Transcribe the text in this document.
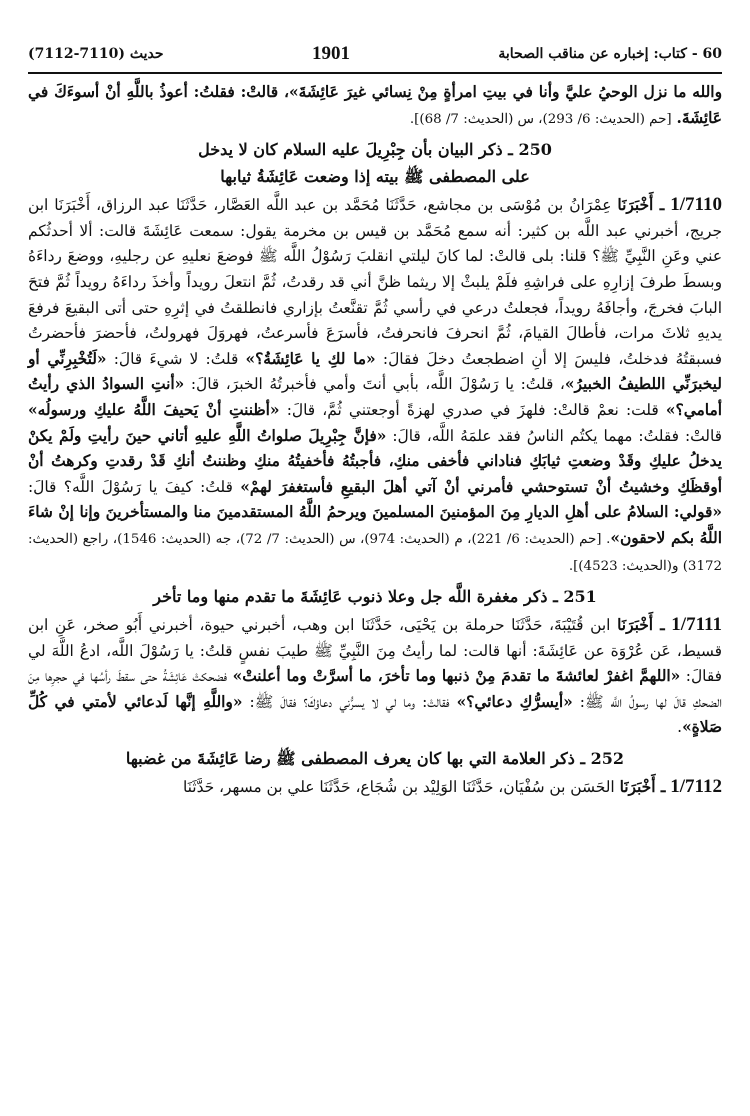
60 - كتاب: إخباره عن مناقب الصحابة
1901
حديث (7110-7112)

والله ما نزل الوحيُ عليَّ وأنا في بيتِ امرأةٍ مِنْ نِسائي غيرَ عَائِشَةَ»، قالتْ: فقلتُ: أعوذُ باللَّهِ أنْ أسوءَكَ في عَائِشَةَ. [حم (الحديث: 6/ 293)، س (الحديث: 7/ 68)].

250 ـ ذكر البيان بأن جِبْرِيلَ عليه السلام كان لا يدخل
على المصطفى ﷺ بيته إذا وضعت عَائِشَةُ ثيابها

1/7110 ـ أَخْبَرَنَا عِمْرَانُ بن مُوْسَى بن مجاشع، حَدَّثَنَا مُحَمَّد بن عبد اللَّه العَصَّار، حَدَّثَنَا عبد الرزاق، أَخْبَرَنَا ابن جريج، أخبرني عبد اللَّه بن كثير: أنه سمع مُحَمَّد بن قيس بن مخرمة يقول: سمعت عَائِشَةَ قالت: ألا أحدثُكم عني وعَنِ النَّبِيِّ ﷺ؟ قلنا: بلى قالتْ: لما كانَ ليلتي انقلبَ رَسُوْلُ اللَّه ﷺ فوضعَ نعليهِ عن رجليهِ، ووضعَ رداءَهُ وبسطَ طرفَ إزارِهِ على فراشِهِ فلَمْ يلبثْ إلا ريثما ظنَّ أني قد رقدتُ، ثُمَّ انتعلَ رويداً وأخذَ رداءَهُ رويداً ثُمَّ فتحَ البابَ فخرجَ، وأجافَهُ رويداً، فجعلتُ درعي في رأسي ثُمَّ تقنَّعتُ بإزاري فانطلقتُ في إثرِهِ حتى أتى البقيعَ فرفعَ يديهِ ثلاثَ مرات، فأطالَ القيامَ، ثُمَّ انحرفَ فانحرفتُ، فأسرَعَ فأسرعتُ، فهروَلَ فهرولتُ، فأحضرَ فأحضرتُ فسبقتُهُ فدخلتُ، فليسَ إلا أنِ اضطجعتُ دخلَ فقالَ: «ما لكِ يا عَائِشَةُ؟» قلتُ: لا شيءَ قالَ: «لَتُخْبِرِنِّي أو ليخبرَنِّي اللطيفُ الخبيرُ»، قلتُ: يا رَسُوْلَ اللَّه، بأبي أنتَ وأمي فأخبرتُهُ الخبرَ، قالَ: «أنتِ السوادُ الذي رأيتُ أمامي؟» قلت: نعمْ قالتْ: فلهزَ في صدري لهزةً أوجعتني ثُمَّ، قالَ: «أظننتِ أنْ يَحيفَ اللَّهُ عليكِ ورسولُه» قالتْ: فقلتُ: مهما يكتُم الناسُ فقد علمَهُ اللَّه، قالَ: «فإنَّ جِبْرِيلَ صلواتُ اللَّهِ عليهِ أتاني حينَ رأيتِ ولَمْ يكنْ يدخلُ عليكِ وقَدْ وضعتِ ثيابَكِ فناداني فأخفى منكِ، فأجبتُهُ فأخفيتُهُ منكِ وظننتُ أنكِ قَدْ رقدتِ وكرهتُ أنْ أوقظَكِ وخشيتُ أنْ تستوحشي فأمرني أنْ آتي أهلَ البقيعِ فأستغفرَ لهمْ» قلتُ: كيفَ يا رَسُوْلَ اللَّه؟ قالَ: «قولي: السلامُ على أهلِ الديارِ مِنَ المؤمنينَ المسلمينَ ويرحمُ اللَّهُ المستقدمينَ منا والمستأخرينَ وإنا إنْ شاءَ اللَّهُ بكم لاحقون». [حم (الحديث: 6/ 221)، م (الحديث: 974)، س (الحديث: 7/ 72)، جه (الحديث: 1546)، راجع (الحديث: 3172) و(الحديث: 4523)].

251 ـ ذكر مغفرة اللَّه جل وعلا ذنوب عَائِشَةَ ما تقدم منها وما تأخر

1/7111 ـ أَخْبَرَنَا ابن قُتَيْبَةَ، حَدَّثَنَا حرملة بن يَحْيَى، حَدَّثَنَا ابن وهب، أخبرني حيوة، أخبرني أَبُو صخر، عَنِ ابن قسيط، عَن عُرْوَة عن عَائِشَةَ: أنها قالت: لما رأيتُ مِنَ النَّبِيِّ ﷺ طيبَ نفسٍ قلتُ: يا رَسُوْلَ اللَّه، ادعُ اللَّهَ لي فقالَ: «اللهمَّ اغفرْ لعائشةَ ما تقدمَ مِنْ ذنبها وما تأخرَ، ما أسرَّتْ وما أعلنتْ» فضحكتْ عَائِشَةُ حتى سقطَ رأسُها في حجرِها مِنَ الضحكِ قالَ لها رسولُ اللَّه ﷺ: «أيسرُّكِ دعائي؟» فقالتْ: وما لي لا يسرُّني دعاؤكَ؟ فقالَ ﷺ: «واللَّهِ إنَّها لَدعائي لأمتي في كُلِّ صَلاةٍ».

252 ـ ذكر العلامة التي بها كان يعرف المصطفى ﷺ رضا عَائِشَةَ من غضبها

1/7112 ـ أَخْبَرَنَا الحَسَن بن سُفْيَان، حَدَّثَنَا الوَلِيْد بن شُجَاع، حَدَّثَنَا علي بن مسهر، حَدَّثَنَا
